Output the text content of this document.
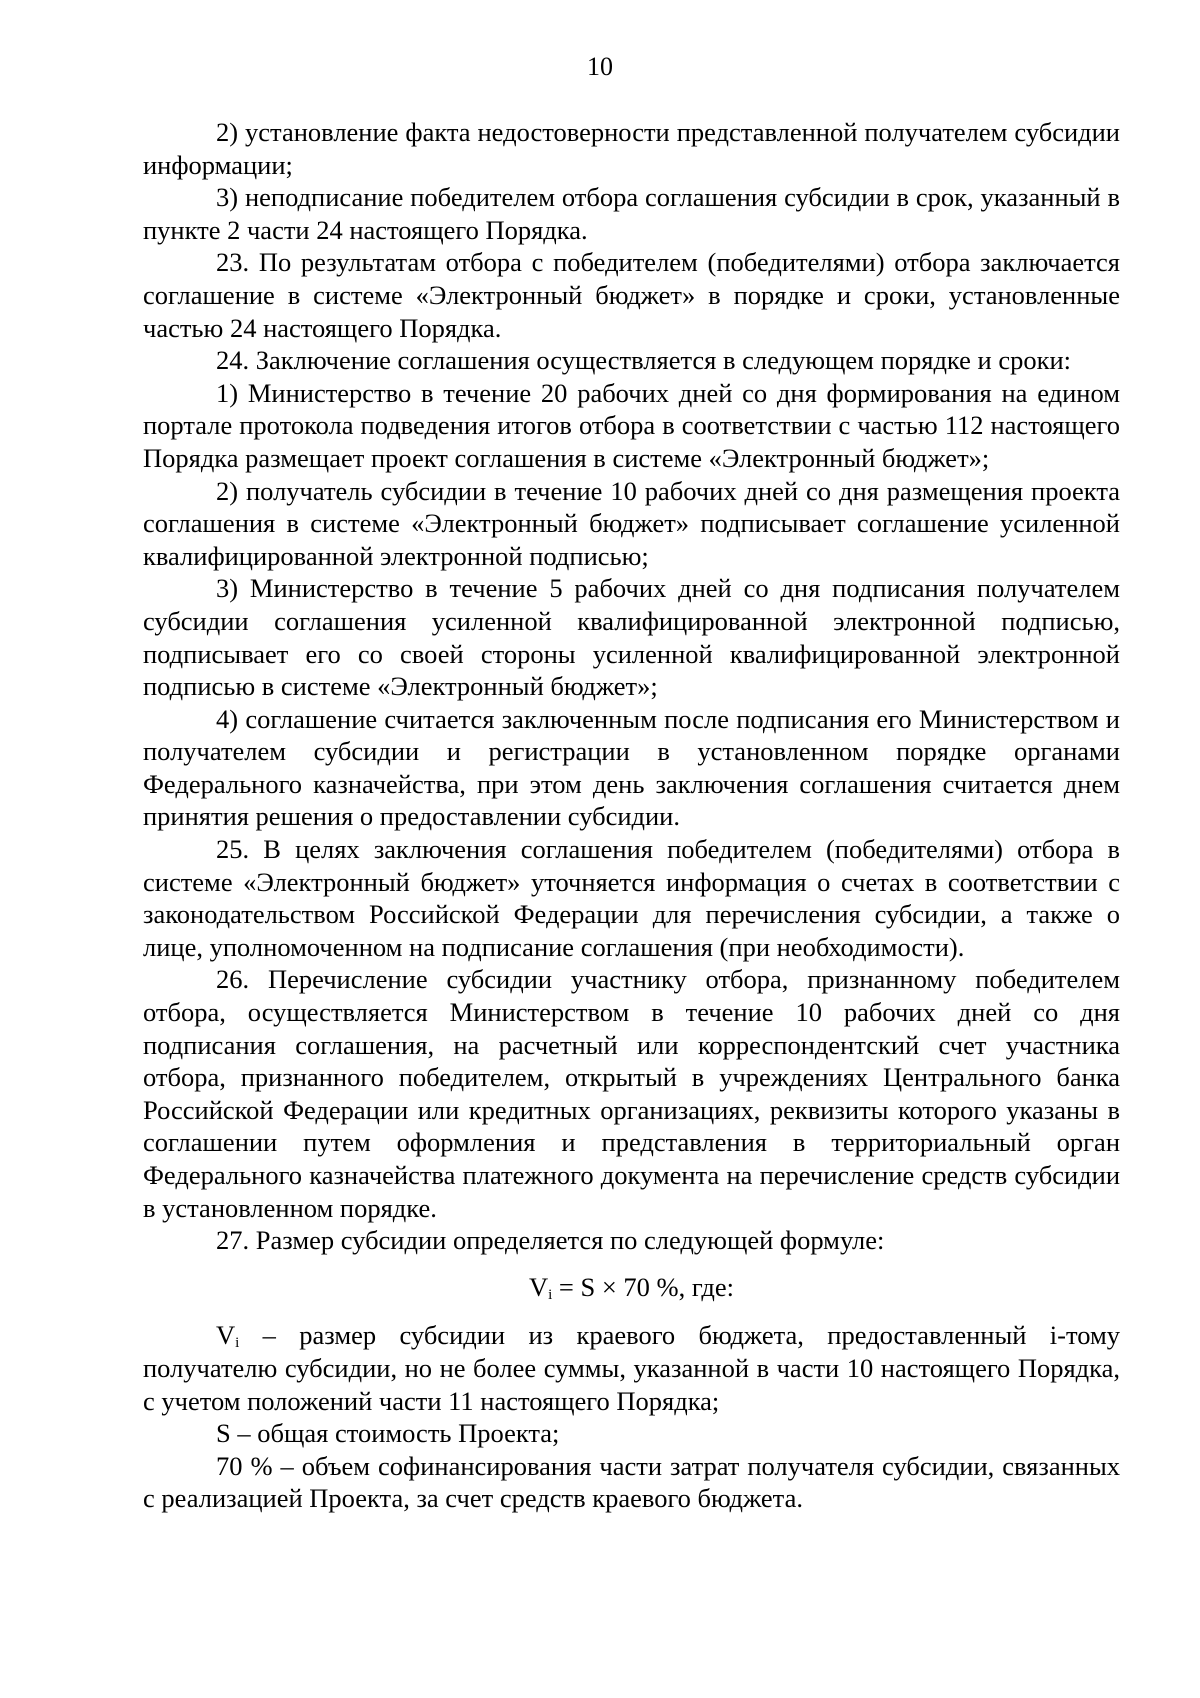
10

2) установление факта недостоверности представленной получателем субсидии информации;

3) неподписание победителем отбора соглашения субсидии в срок, указанный в пункте 2 части 24 настоящего Порядка.

23. По результатам отбора с победителем (победителями) отбора заключается соглашение в системе «Электронный бюджет» в порядке и сроки, установленные частью 24 настоящего Порядка.

24. Заключение соглашения осуществляется в следующем порядке и сроки:

1) Министерство в течение 20 рабочих дней со дня формирования на едином портале протокола подведения итогов отбора в соответствии с частью 112 настоящего Порядка размещает проект соглашения в системе «Электронный бюджет»;

2) получатель субсидии в течение 10 рабочих дней со дня размещения проекта соглашения в системе «Электронный бюджет» подписывает соглашение усиленной квалифицированной электронной подписью;

3) Министерство в течение 5 рабочих дней со дня подписания получателем субсидии соглашения усиленной квалифицированной электронной подписью, подписывает его со своей стороны усиленной квалифицированной электронной подписью в системе «Электронный бюджет»;

4) соглашение считается заключенным после подписания его Министерством и получателем субсидии и регистрации в установленном порядке органами Федерального казначейства, при этом день заключения соглашения считается днем принятия решения о предоставлении субсидии.

25. В целях заключения соглашения победителем (победителями) отбора в системе «Электронный бюджет» уточняется информация о счетах в соответствии с законодательством Российской Федерации для перечисления субсидии, а также о лице, уполномоченном на подписание соглашения (при необходимости).

26. Перечисление субсидии участнику отбора, признанному победителем отбора, осуществляется Министерством в течение 10 рабочих дней со дня подписания соглашения, на расчетный или корреспондентский счет участника отбора, признанного победителем, открытый в учреждениях Центрального банка Российской Федерации или кредитных организациях, реквизиты которого указаны в соглашении путем оформления и представления в территориальный орган Федерального казначейства платежного документа на перечисление средств субсидии в установленном порядке.

27. Размер субсидии определяется по следующей формуле:

$V_i = S \times 70$ %, где:

$V_i$ – размер субсидии из краевого бюджета, предоставленный i-тому получателю субсидии, но не более суммы, указанной в части 10 настоящего Порядка, с учетом положений части 11 настоящего Порядка;

S – общая стоимость Проекта;

70 % – объем софинансирования части затрат получателя субсидии, связанных с реализацией Проекта, за счет средств краевого бюджета.
